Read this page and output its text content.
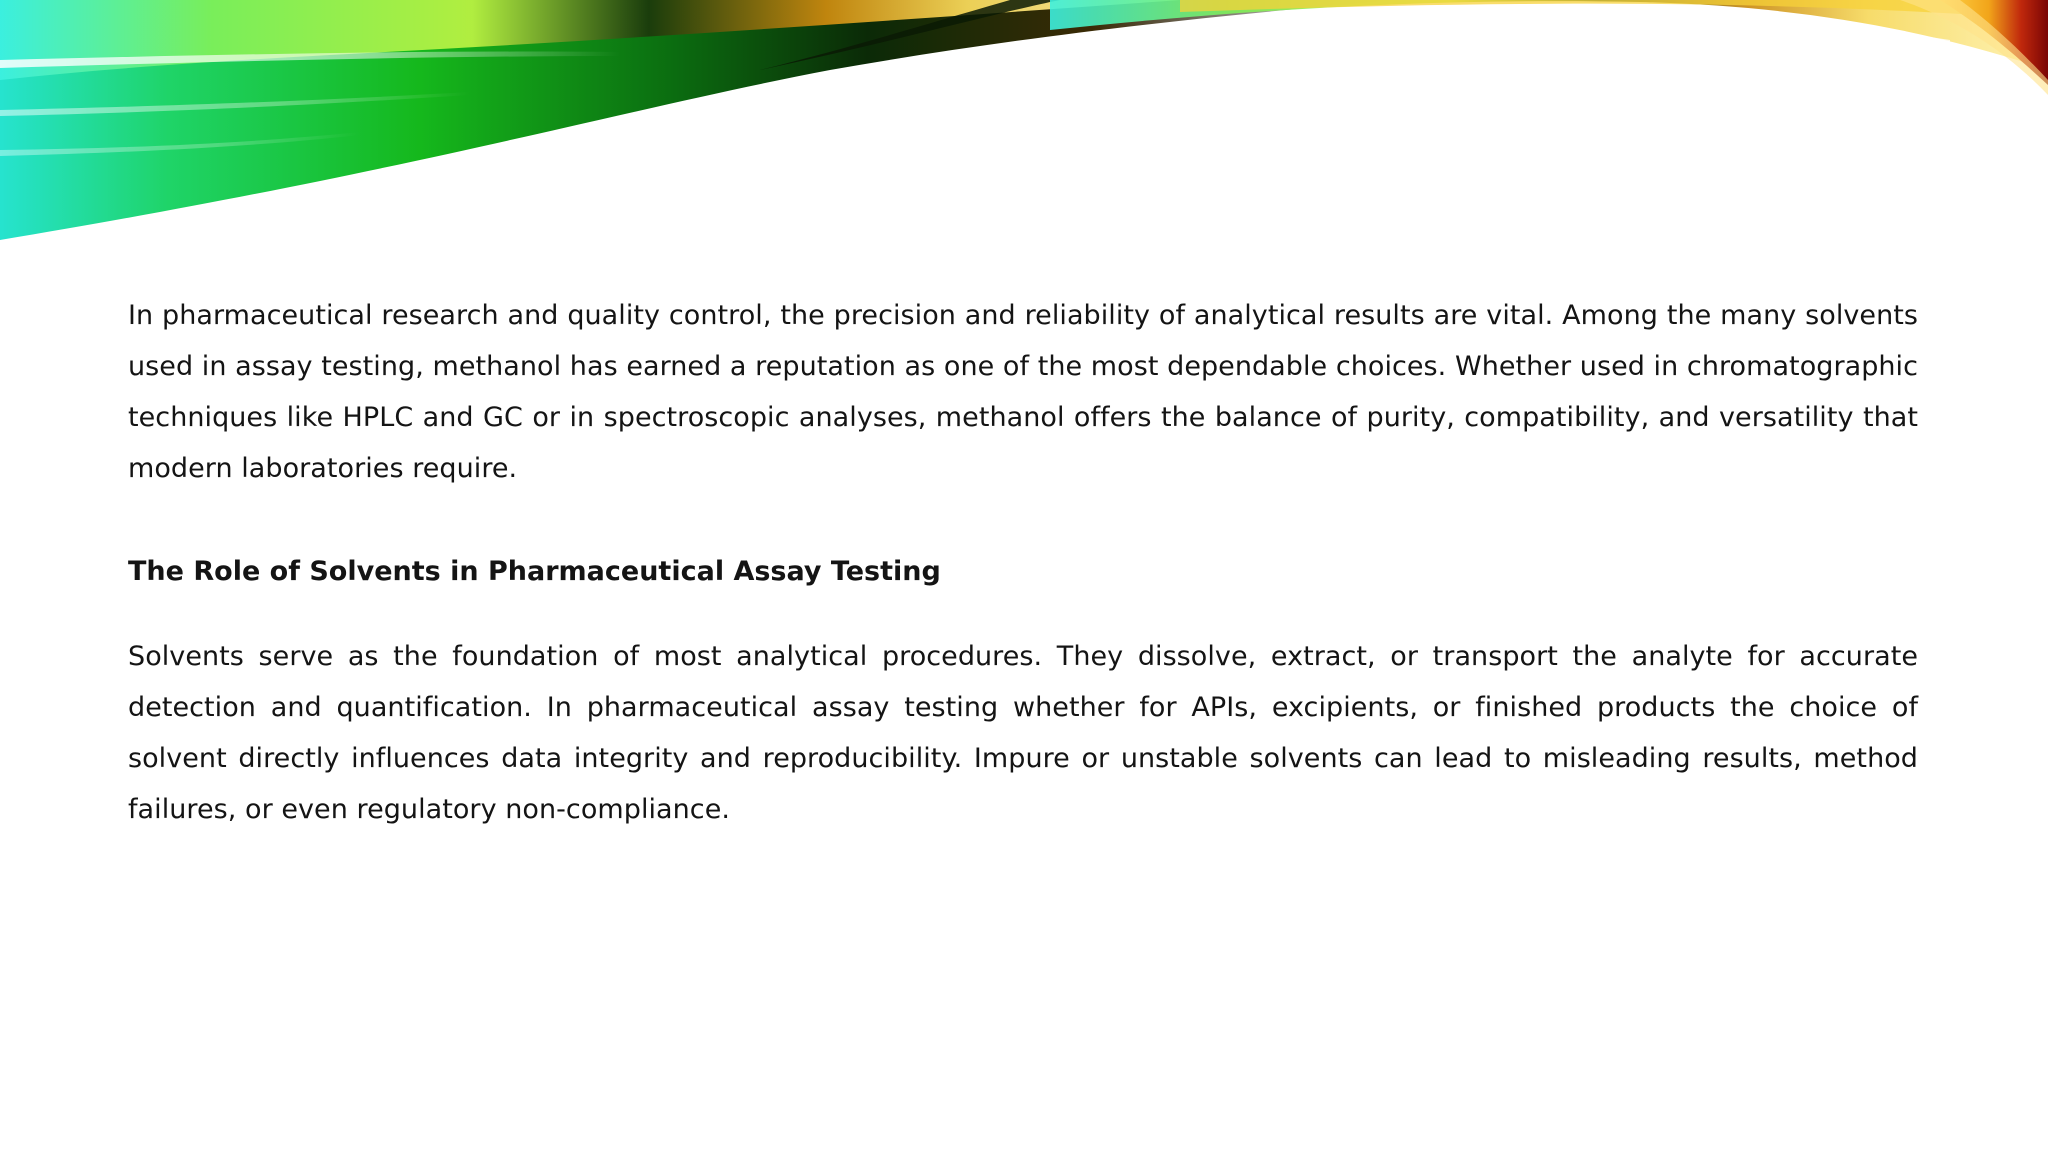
In pharmaceutical research and quality control, the precision and reliability of analytical results are vital. Among the many solvents used in assay testing, methanol has earned a reputation as one of the most dependable choices. Whether used in chromatographic techniques like HPLC and GC or in spectroscopic analyses, methanol offers the balance of purity, compatibility, and versatility that modern laboratories require.

The Role of Solvents in Pharmaceutical Assay Testing

Solvents serve as the foundation of most analytical procedures. They dissolve, extract, or transport the analyte for accurate detection and quantification. In pharmaceutical assay testing whether for APIs, excipients, or finished products the choice of solvent directly influences data integrity and reproducibility. Impure or unstable solvents can lead to misleading results, method failures, or even regulatory non-compliance.
